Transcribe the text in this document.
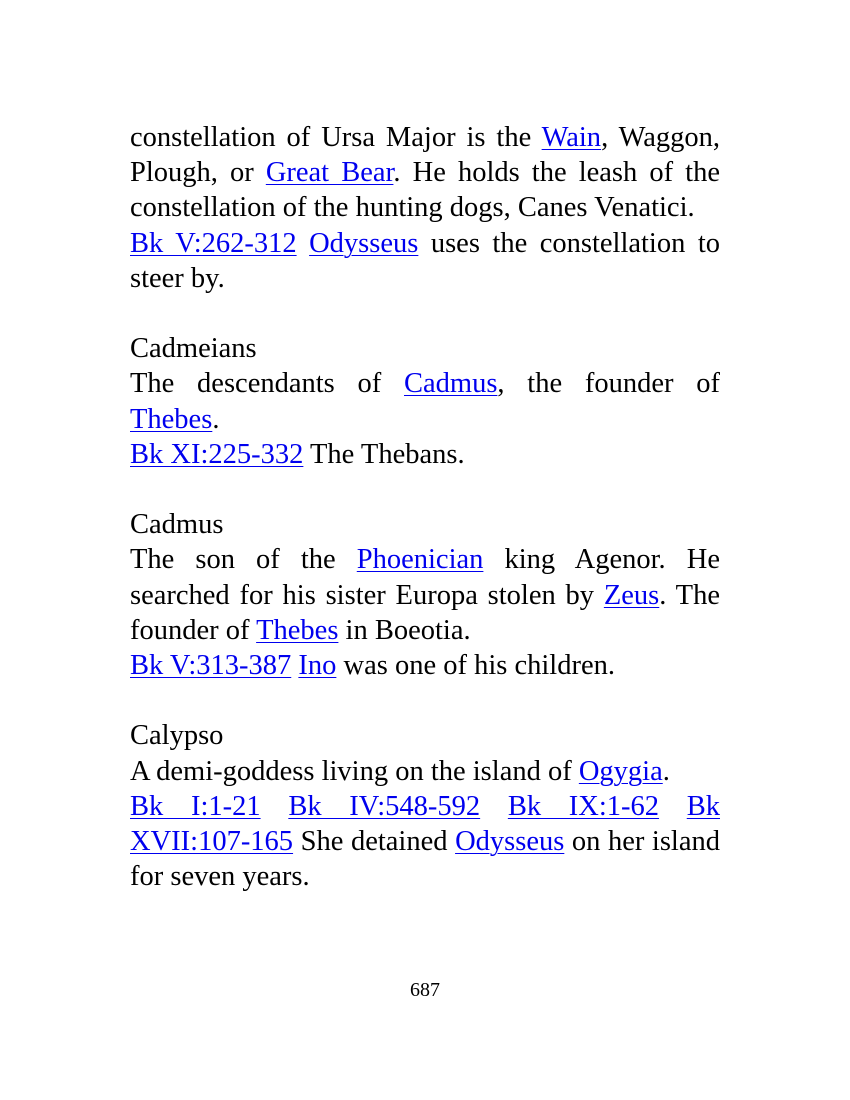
constellation of Ursa Major is the Wain, Waggon, Plough, or Great Bear. He holds the leash of the constellation of the hunting dogs, Canes Venatici.

Bk V:262-312 Odysseus uses the constellation to steer by.

Cadmeians

The descendants of Cadmus, the founder of Thebes.

Bk XI:225-332 The Thebans.

Cadmus

The son of the Phoenician king Agenor. He searched for his sister Europa stolen by Zeus. The founder of Thebes in Boeotia.

Bk V:313-387 Ino was one of his children.

Calypso

A demi-goddess living on the island of Ogygia.

Bk I:1-21 Bk IV:548-592 Bk IX:1-62 Bk XVII:107-165 She detained Odysseus on her island for seven years.

687
